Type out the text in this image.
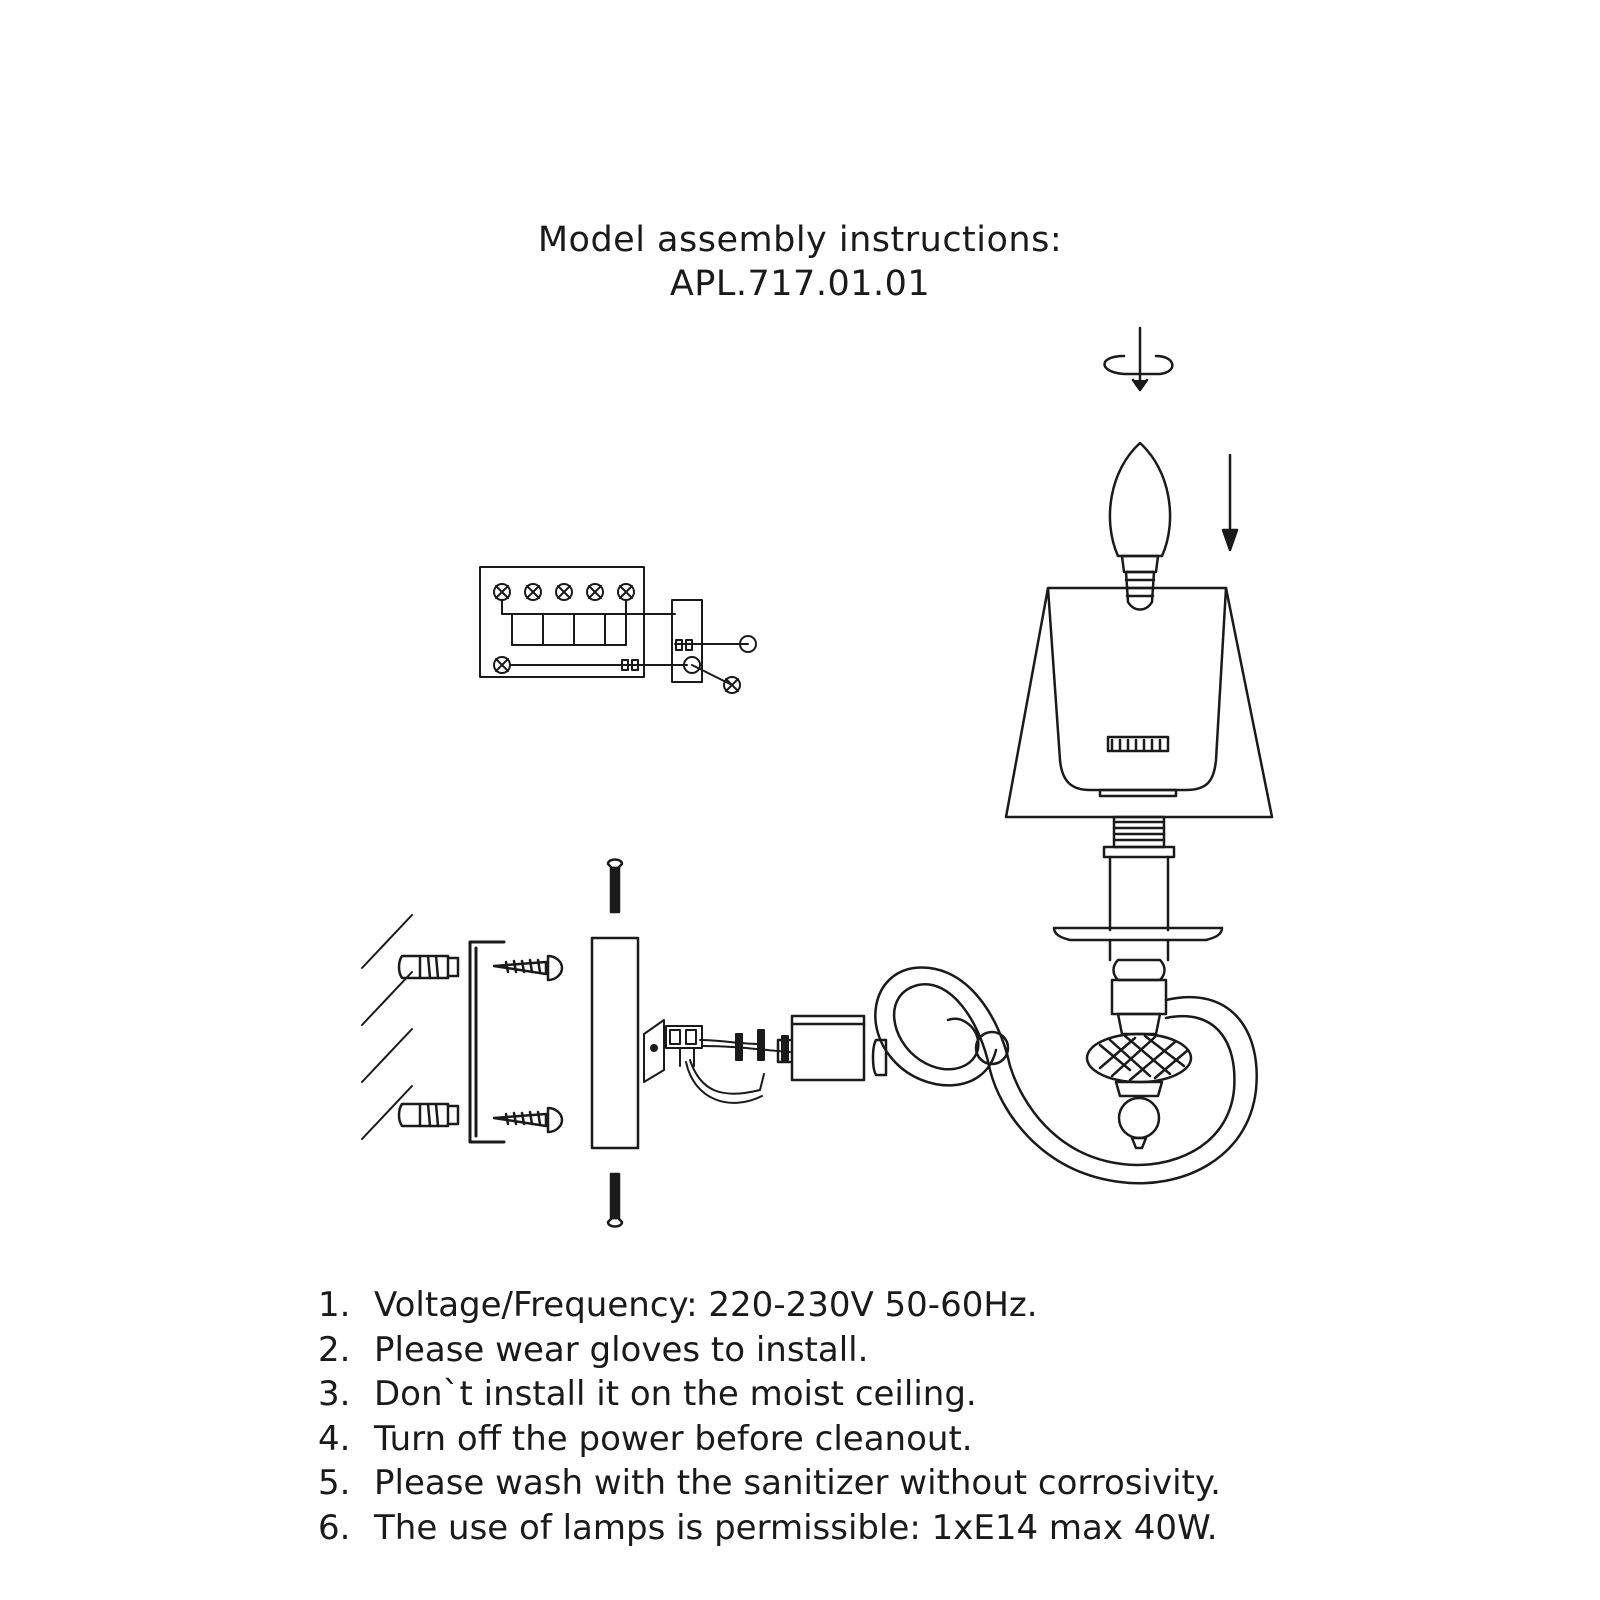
Model assembly instructions:
APL.717.01.01
1. Voltage/Frequency: 220-230V 50-60Hz.
2. Please wear gloves to install.
3. Don`t install it on the moist ceiling.
4. Turn off the power before cleanout.
5. Please wash with the sanitizer without corrosivity.
6. The use of lamps is permissible: 1xE14 max 40W.
